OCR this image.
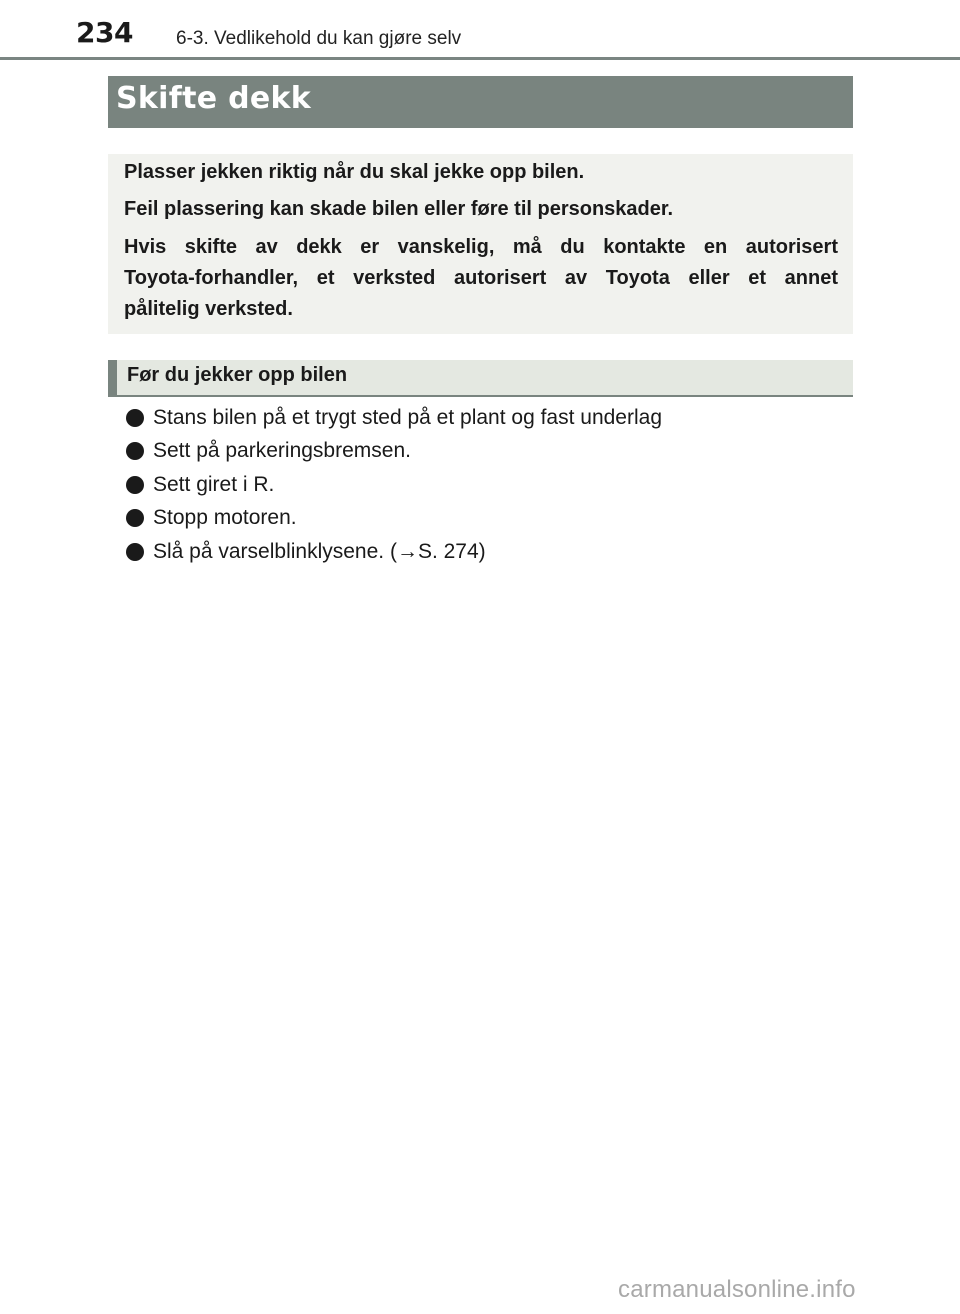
234 6-3. Vedlikehold du kan gjøre selv
Skifte dekk
Plasser jekken riktig når du skal jekke opp bilen.
Feil plassering kan skade bilen eller føre til personskader.
Hvis skifte av dekk er vanskelig, må du kontakte en autorisert
Toyota-forhandler, et verksted autorisert av Toyota eller et annet
pålitelig verksted.
Før du jekker opp bilen
Stans bilen på et trygt sted på et plant og fast underlag
Sett på parkeringsbremsen.
Sett giret i R.
Stopp motoren.
Slå på varselblinklysene. (→S. 274)
carmanualsonline.info
